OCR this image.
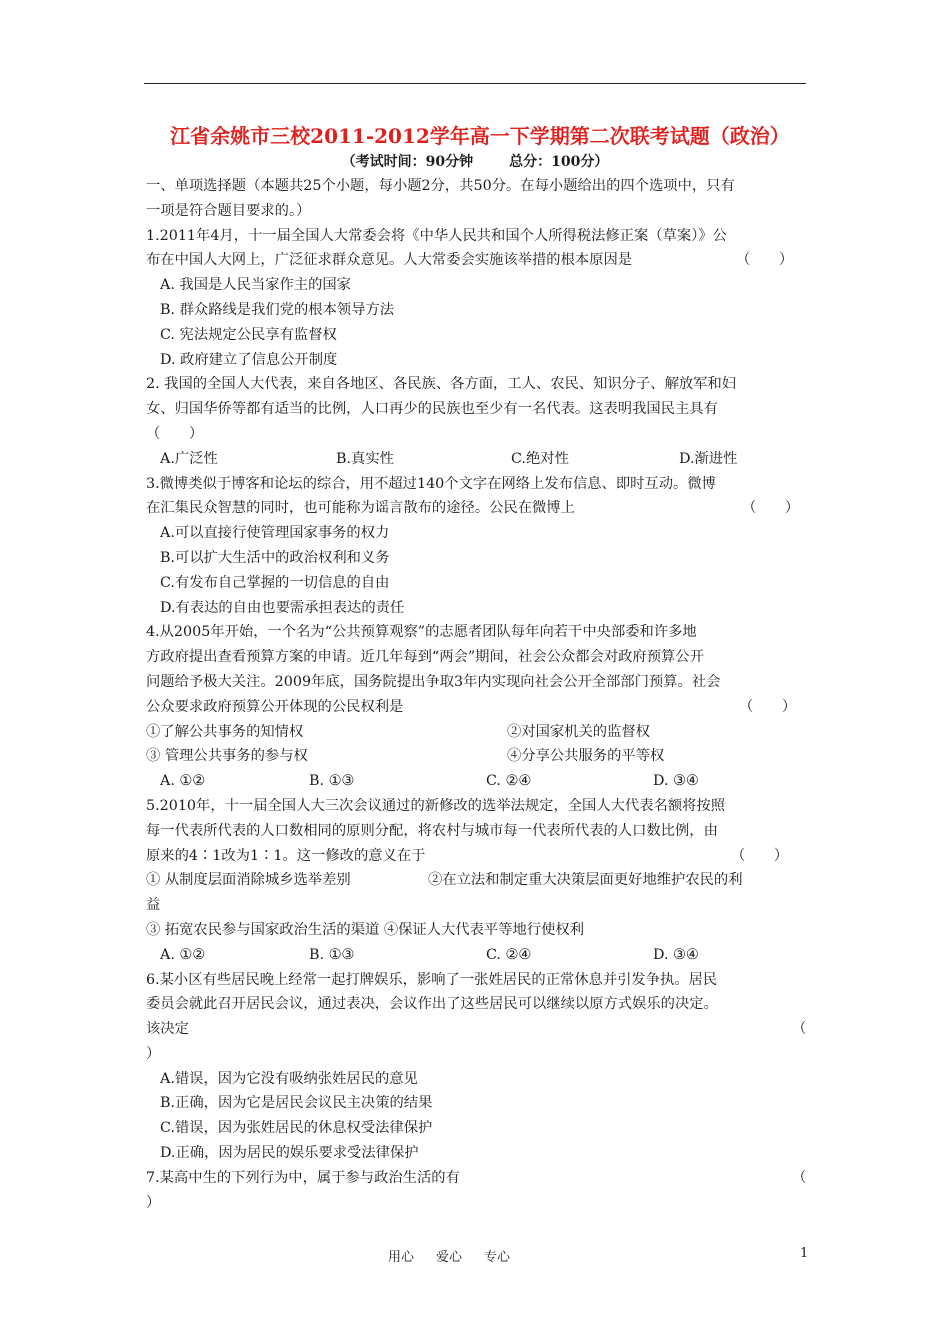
江省余姚市三校2011-2012学年高一下学期第二次联考试题（政治）
（考试时间：90分钟	总分：100分）
一、单项选择题（本题共25个小题，每小题2分，共50分。在每小题给出的四个选项中，只有
一项是符合题目要求的。）
1.2011年4月，十一届全国人大常委会将《中华人民共和国个人所得税法修正案（草案）》公
布在中国人大网上，广泛征求群众意见。人大常委会实施该举措的根本原因是	（　　）
A. 我国是人民当家作主的国家
B. 群众路线是我们党的根本领导方法
C. 宪法规定公民享有监督权
D. 政府建立了信息公开制度
2. 我国的全国人大代表，来自各地区、各民族、各方面，工人、农民、知识分子、解放军和妇
女、归国华侨等都有适当的比例，人口再少的民族也至少有一名代表。这表明我国民主具有
（　　）
A.广泛性	B.真实性	C.绝对性	D.渐进性
3.微博类似于博客和论坛的综合，用不超过140个文字在网络上发布信息、即时互动。微博
在汇集民众智慧的同时，也可能称为谣言散布的途径。公民在微博上	（　　）
A.可以直接行使管理国家事务的权力
B.可以扩大生活中的政治权利和义务
C.有发布自己掌握的一切信息的自由
D.有表达的自由也要需承担表达的责任
4.从2005年开始，一个名为“公共预算观察”的志愿者团队每年向若干中央部委和许多地
方政府提出查看预算方案的申请。近几年每到“两会”期间，社会公众都会对政府预算公开
问题给予极大关注。2009年底，国务院提出争取3年内实现向社会公开全部部门预算。社会
公众要求政府预算公开体现的公民权利是	（　　）
①了解公共事务的知情权	②对国家机关的监督权
③ 管理公共事务的参与权	④分享公共服务的平等权
A. ①②	B. ①③	C. ②④	D. ③④
5.2010年，十一届全国人大三次会议通过的新修改的选举法规定，全国人大代表名额将按照
每一代表所代表的人口数相同的原则分配，将农村与城市每一代表所代表的人口数比例，由
原来的4∶1改为1∶1。这一修改的意义在于	（　　）
① 从制度层面消除城乡选举差别	②在立法和制定重大决策层面更好地维护农民的利
益
③ 拓宽农民参与国家政治生活的渠道 ④保证人大代表平等地行使权利
A. ①②	B. ①③	C. ②④	D. ③④
6.某小区有些居民晚上经常一起打牌娱乐，影响了一张姓居民的正常休息并引发争执。居民
委员会就此召开居民会议，通过表决，会议作出了这些居民可以继续以原方式娱乐的决定。
该决定	（
）
A.错误，因为它没有吸纳张姓居民的意见
B.正确，因为它是居民会议民主决策的结果
C.错误，因为张姓居民的休息权受法律保护
D.正确，因为居民的娱乐要求受法律保护
7.某高中生的下列行为中，属于参与政治生活的有	（
）
用心 爱心 专心	1
